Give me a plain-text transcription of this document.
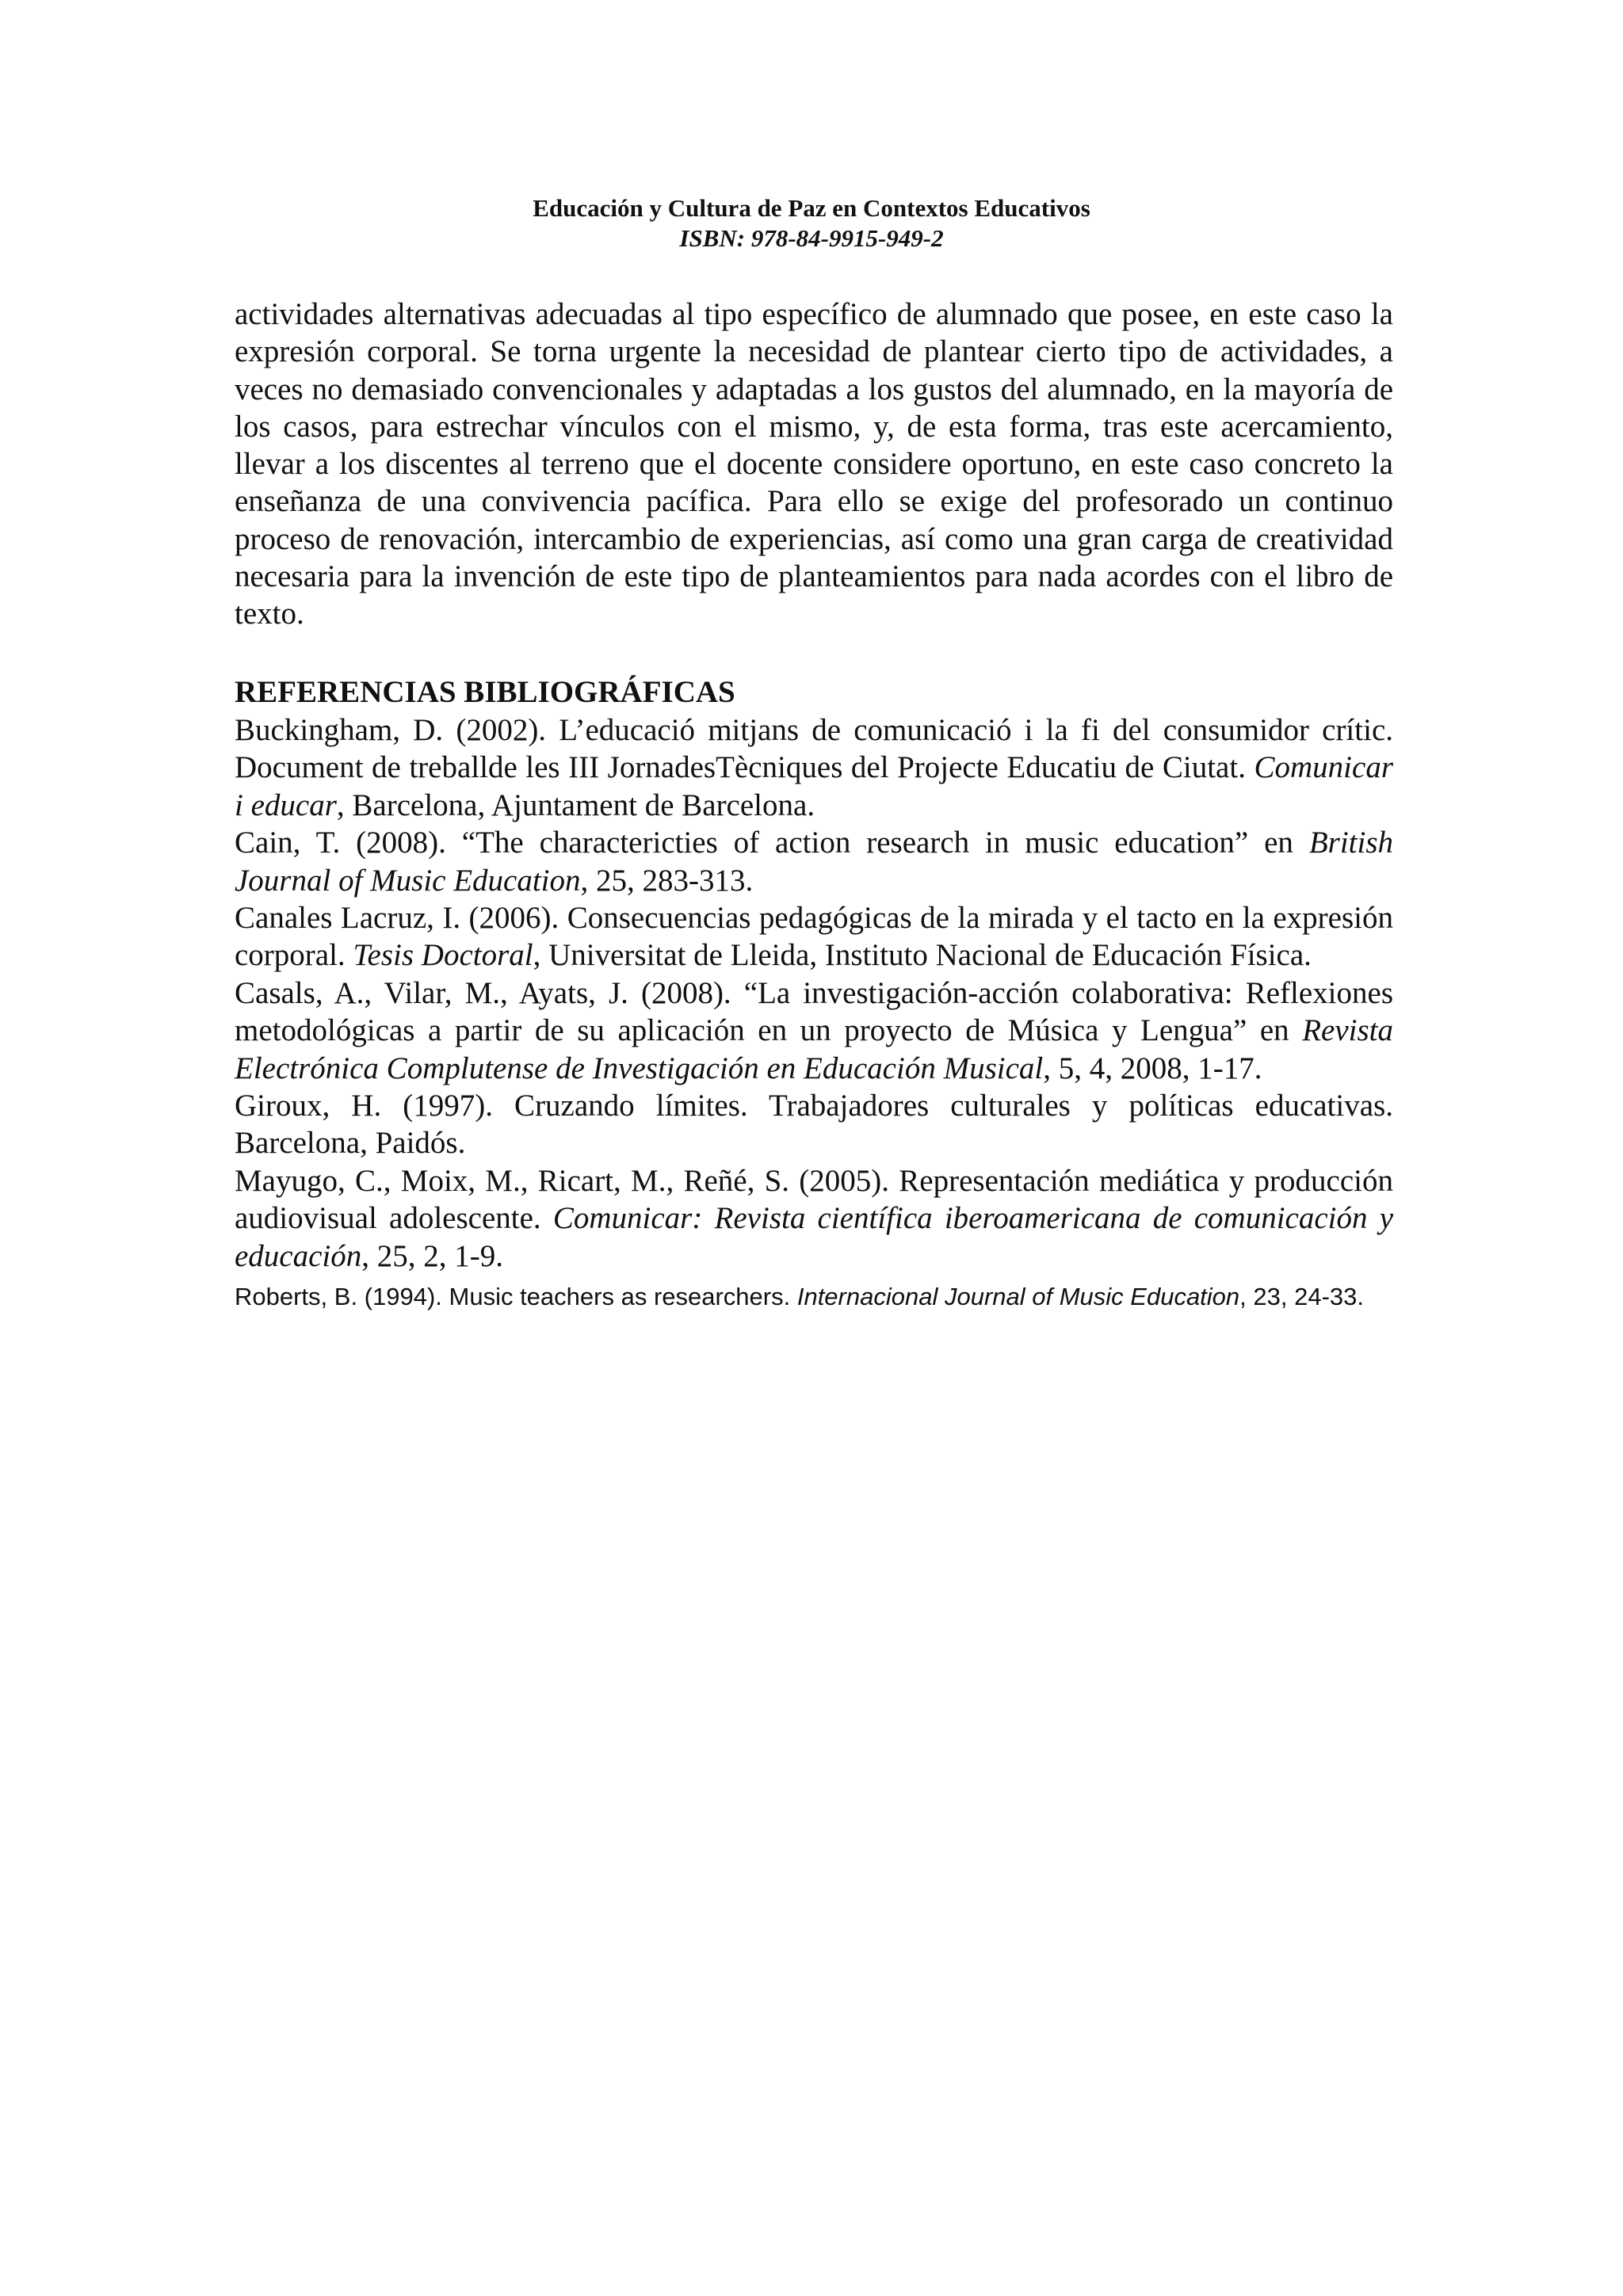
Educación y Cultura de Paz en Contextos Educativos
ISBN: 978-84-9915-949-2

actividades alternativas adecuadas al tipo específico de alumnado que posee, en este caso la expresión corporal. Se torna urgente la necesidad de plantear cierto tipo de actividades, a veces no demasiado convencionales y adaptadas a los gustos del alumnado, en la mayoría de los casos, para estrechar vínculos con el mismo, y, de esta forma, tras este acercamiento, llevar a los discentes al terreno que el docente considere oportuno, en este caso concreto la enseñanza de una convivencia pacífica. Para ello se exige del profesorado un continuo proceso de renovación, intercambio de experiencias, así como una gran carga de creatividad necesaria para la invención de este tipo de planteamientos para nada acordes con el libro de texto.

REFERENCIAS BIBLIOGRÁFICAS
Buckingham, D. (2002). L’educació mitjans de comunicació i la fi del consumidor crític. Document de treballde les III JornadesTècniques del Projecte Educatiu de Ciutat. Comunicar i educar, Barcelona, Ajuntament de Barcelona.
Cain, T. (2008). “The charactericties of action research in music education” en British Journal of Music Education, 25, 283-313.
Canales Lacruz, I. (2006). Consecuencias pedagógicas de la mirada y el tacto en la expresión corporal. Tesis Doctoral, Universitat de Lleida, Instituto Nacional de Educación Física.
Casals, A., Vilar, M., Ayats, J. (2008). “La investigación-acción colaborativa: Reflexiones metodológicas a partir de su aplicación en un proyecto de Música y Lengua” en Revista Electrónica Complutense de Investigación en Educación Musical, 5, 4, 2008, 1-17.
Giroux, H. (1997). Cruzando límites. Trabajadores culturales y políticas educativas. Barcelona, Paidós.
Mayugo, C., Moix, M., Ricart, M., Reñé, S. (2005). Representación mediática y producción audiovisual adolescente. Comunicar: Revista científica iberoamericana de comunicación y educación, 25, 2, 1-9.
Roberts, B. (1994). Music teachers as researchers. Internacional Journal of Music Education, 23, 24-33.
